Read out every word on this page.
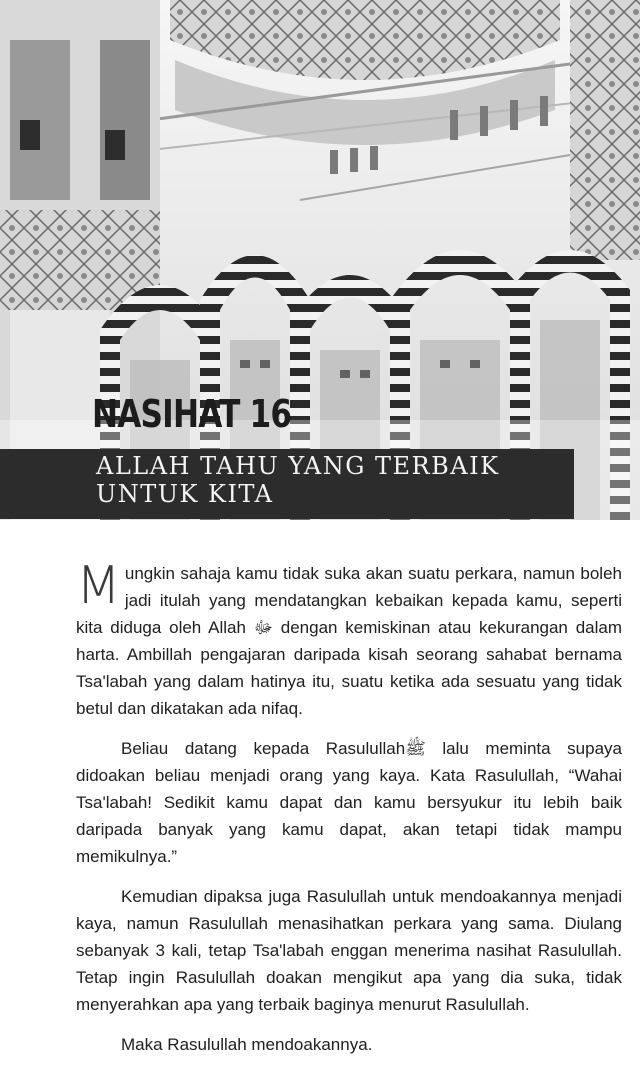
NASIHAT 16
ALLAH TAHU YANG TERBAIK
UNTUK KITA

Mungkin sahaja kamu tidak suka akan suatu perkara, namun boleh jadi itulah yang mendatangkan kebaikan kepada kamu, seperti kita diduga oleh Allah ﷻ dengan kemiskinan atau kekurangan dalam harta. Ambillah pengajaran daripada kisah seorang sahabat bernama Tsa'labah yang dalam hatinya itu, suatu ketika ada sesuatu yang tidak betul dan dikatakan ada nifaq.

Beliau datang kepada Rasulullahﷺ lalu meminta supaya didoakan beliau menjadi orang yang kaya. Kata Rasulullah, “Wahai Tsa'labah! Sedikit kamu dapat dan kamu bersyukur itu lebih baik daripada banyak yang kamu dapat, akan tetapi tidak mampu memikulnya.”

Kemudian dipaksa juga Rasulullah untuk mendoakannya menjadi kaya, namun Rasulullah menasihatkan perkara yang sama. Diulang sebanyak 3 kali, tetap Tsa'labah enggan menerima nasihat Rasulullah. Tetap ingin Rasulullah doakan mengikut apa yang dia suka, tidak menyerahkan apa yang terbaik baginya menurut Rasulullah.

Maka Rasulullah mendoakannya.
